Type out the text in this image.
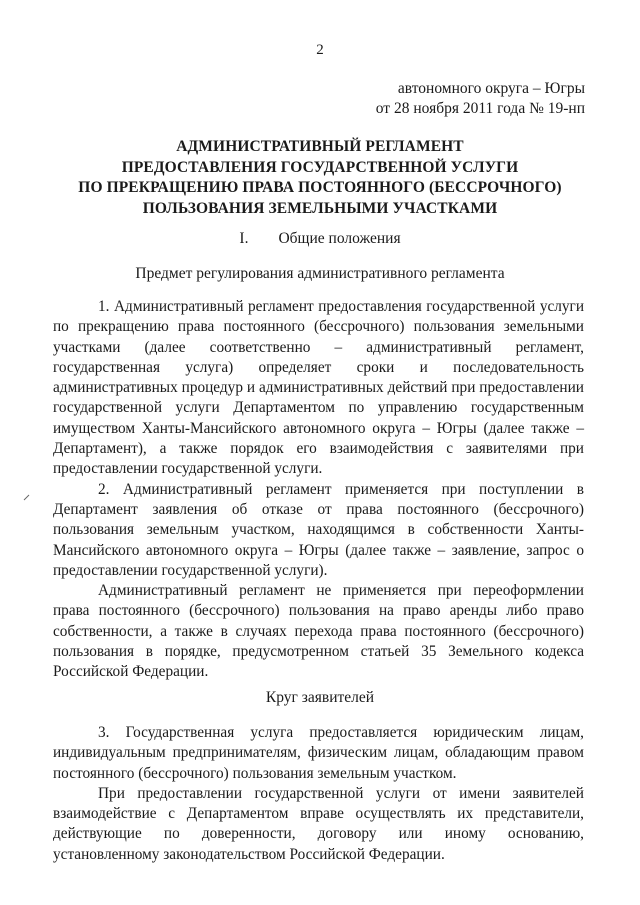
2
автономного округа – Югры
от 28 ноября 2011 года № 19-нп
АДМИНИСТРАТИВНЫЙ РЕГЛАМЕНТ
ПРЕДОСТАВЛЕНИЯ ГОСУДАРСТВЕННОЙ УСЛУГИ
ПО ПРЕКРАЩЕНИЮ ПРАВА ПОСТОЯННОГО (БЕССРОЧНОГО)
ПОЛЬЗОВАНИЯ ЗЕМЕЛЬНЫМИ УЧАСТКАМИ
I. Общие положения
Предмет регулирования административного регламента

1. Административный регламент предоставления государственной услуги по прекращению права постоянного (бессрочного) пользования земельными участками (далее соответственно – административный регламент, государственная услуга) определяет сроки и последовательность административных процедур и административных действий при предоставлении государственной услуги Департаментом по управлению государственным имуществом Ханты-Мансийского автономного округа – Югры (далее также – Департамент), а также порядок его взаимодействия с заявителями при предоставлении государственной услуги.

2. Административный регламент применяется при поступлении в Департамент заявления об отказе от права постоянного (бессрочного) пользования земельным участком, находящимся в собственности Ханты-Мансийского автономного округа – Югры (далее также – заявление, запрос о предоставлении государственной услуги).

Административный регламент не применяется при переоформлении права постоянного (бессрочного) пользования на право аренды либо право собственности, а также в случаях перехода права постоянного (бессрочного) пользования в порядке, предусмотренном статьей 35 Земельного кодекса Российской Федерации.

Круг заявителей

3. Государственная услуга предоставляется юридическим лицам, индивидуальным предпринимателям, физическим лицам, обладающим правом постоянного (бессрочного) пользования земельным участком.

При предоставлении государственной услуги от имени заявителей взаимодействие с Департаментом вправе осуществлять их представители, действующие по доверенности, договору или иному основанию, установленному законодательством Российской Федерации.
